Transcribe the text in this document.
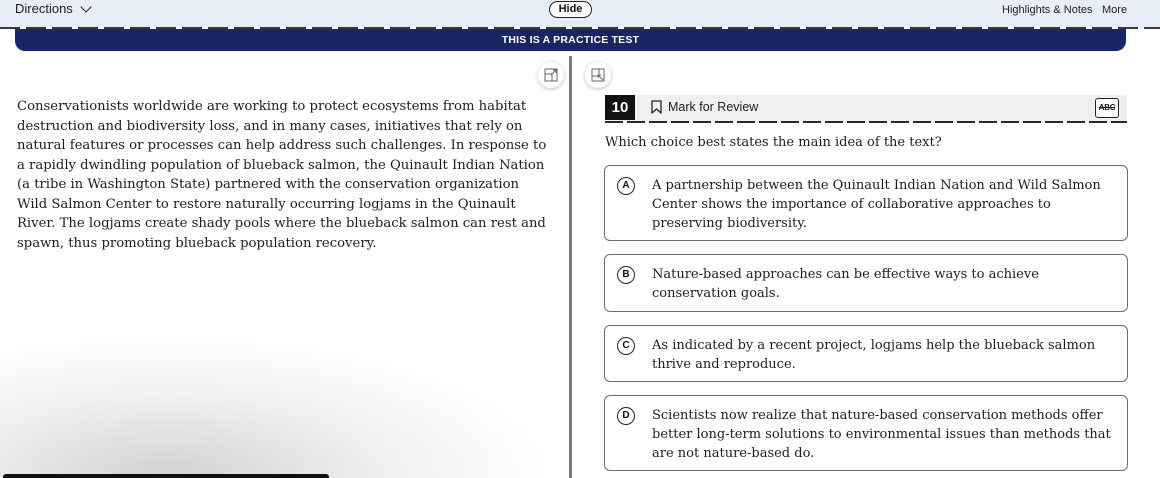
Directions	Hide	Highlights & Notes More
THIS IS A PRACTICE TEST
Conservationists worldwide are working to protect ecosystems from habitat destruction and biodiversity loss, and in many cases, initiatives that rely on natural features or processes can help address such challenges. In response to a rapidly dwindling population of blueback salmon, the Quinault Indian Nation (a tribe in Washington State) partnered with the conservation organization Wild Salmon Center to restore naturally occurring logjams in the Quinault River. The logjams create shady pools where the blueback salmon can rest and spawn, thus promoting blueback population recovery.
10	Mark for Review	ABC
Which choice best states the main idea of the text?
A	A partnership between the Quinault Indian Nation and Wild Salmon Center shows the importance of collaborative approaches to preserving biodiversity.
B	Nature-based approaches can be effective ways to achieve conservation goals.
C	As indicated by a recent project, logjams help the blueback salmon thrive and reproduce.
D	Scientists now realize that nature-based conservation methods offer better long-term solutions to environmental issues than methods that are not nature-based do.
